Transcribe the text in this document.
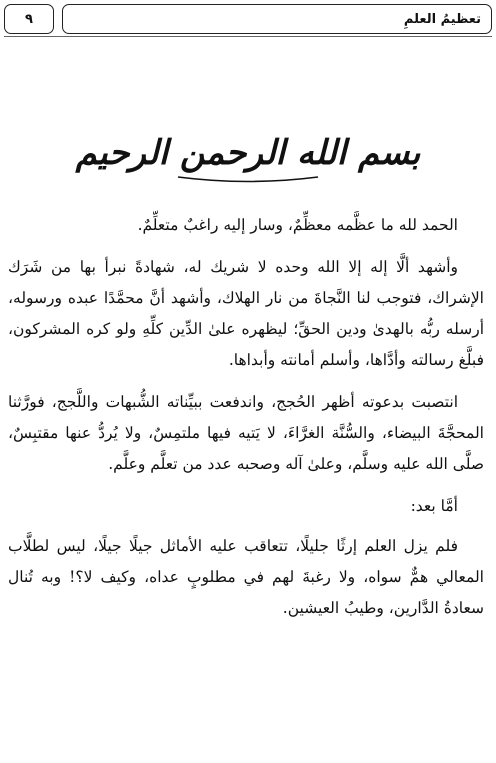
٩	تعظيمُ العلمِ
بسم الله الرحمن الرحيم

الحمد لله ما عظَّمه معظِّمٌ، وسار إليه راغبٌ متعلِّمٌ.

وأشهد ألَّا إله إلا الله وحده لا شريك له، شهادةً نبرأ بها من شَرَك الإشراك، فتوجب لنا النَّجاةَ من نار الهلاك، وأشهد أنَّ محمَّدًا عبده ورسوله، أرسله ربُّه بالهدىٰ ودين الحقِّ؛ ليظهره علىٰ الدِّين كلِّهِ ولو كره المشركون، فبلَّغ رسالته وأدَّاها، وأسلم أمانته وأبداها.

انتصبت بدعوته أظهر الحُجج، واندفعت ببيِّناته الشُّبهات واللَّجج، فورَّثنا المحجَّةَ البيضاء، والسُّنَّة الغرَّاءَ، لا يَتيه فيها ملتمِسٌ، ولا يُردُّ عنها مقتبِسٌ، صلَّى الله عليه وسلَّم، وعلىٰ آله وصحبه عدد من تعلَّم وعلَّم.

أمَّا بعد:

فلم يزل العلم إرثًا جليلًا، تتعاقب عليه الأماثل جيلًا جيلًا، ليس لطلَّاب المعالي همٌّ سواه، ولا رغبةَ لهم في مطلوبٍ عداه، وكيف لا؟! وبه تُنال سعادةُ الدَّارين، وطيبُ العيشين.
